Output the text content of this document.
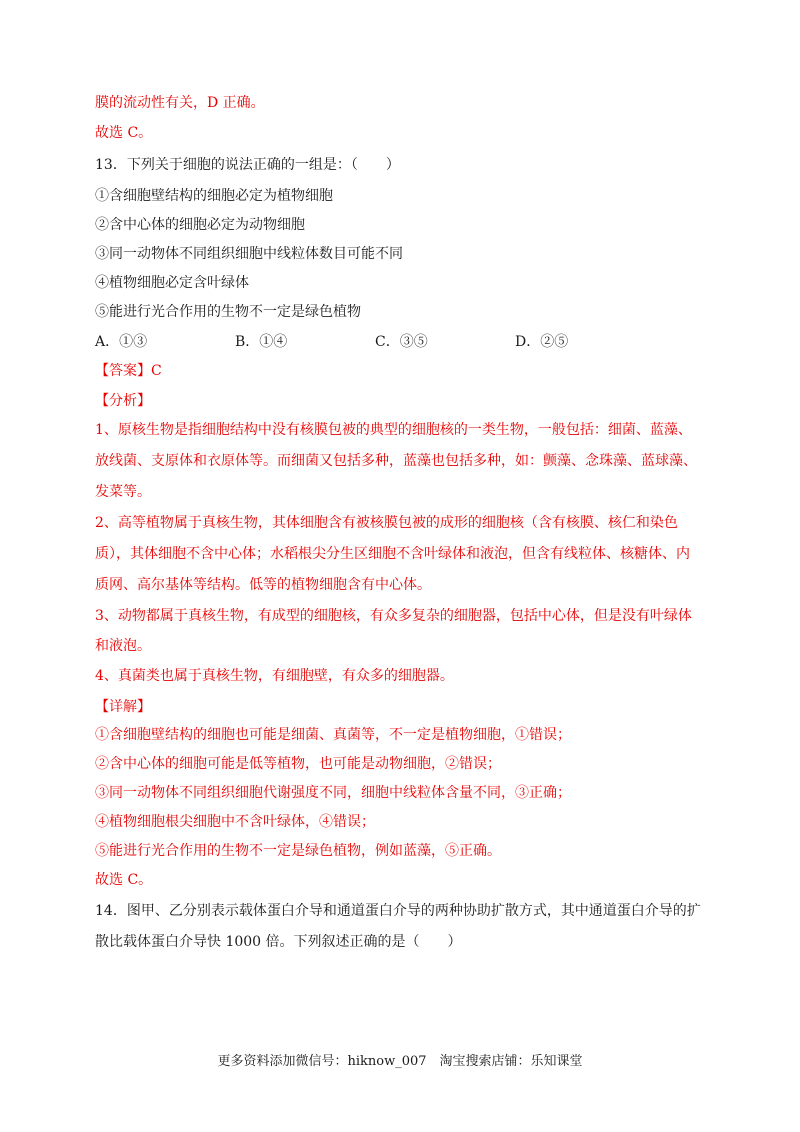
膜的流动性有关，D 正确。
故选 C。
13．下列关于细胞的说法正确的一组是：（　　）
①含细胞壁结构的细胞必定为植物细胞
②含中心体的细胞必定为动物细胞
③同一动物体不同组织细胞中线粒体数目可能不同
④植物细胞必定含叶绿体
⑤能进行光合作用的生物不一定是绿色植物
A．①③	B．①④	C．③⑤	D．②⑤
【答案】C
【分析】
1、原核生物是指细胞结构中没有核膜包被的典型的细胞核的一类生物，一般包括：细菌、蓝藻、
放线菌、支原体和衣原体等。而细菌又包括多种，蓝藻也包括多种，如：颤藻、念珠藻、蓝球藻、
发菜等。
2、高等植物属于真核生物，其体细胞含有被核膜包被的成形的细胞核（含有核膜、核仁和染色
质），其体细胞不含中心体；水稻根尖分生区细胞不含叶绿体和液泡，但含有线粒体、核糖体、内
质网、高尔基体等结构。低等的植物细胞含有中心体。
3、动物都属于真核生物，有成型的细胞核，有众多复杂的细胞器，包括中心体，但是没有叶绿体
和液泡。
4、真菌类也属于真核生物，有细胞壁，有众多的细胞器。
【详解】
①含细胞壁结构的细胞也可能是细菌、真菌等，不一定是植物细胞，①错误；
②含中心体的细胞可能是低等植物，也可能是动物细胞，②错误；
③同一动物体不同组织细胞代谢强度不同，细胞中线粒体含量不同，③正确；
④植物细胞根尖细胞中不含叶绿体，④错误；
⑤能进行光合作用的生物不一定是绿色植物，例如蓝藻，⑤正确。
故选 C。
14．图甲、乙分别表示载体蛋白介导和通道蛋白介导的两种协助扩散方式，其中通道蛋白介导的扩
散比载体蛋白介导快 1000 倍。下列叙述正确的是（　　）
更多资料添加微信号：hiknow_007　淘宝搜索店铺：乐知课堂
